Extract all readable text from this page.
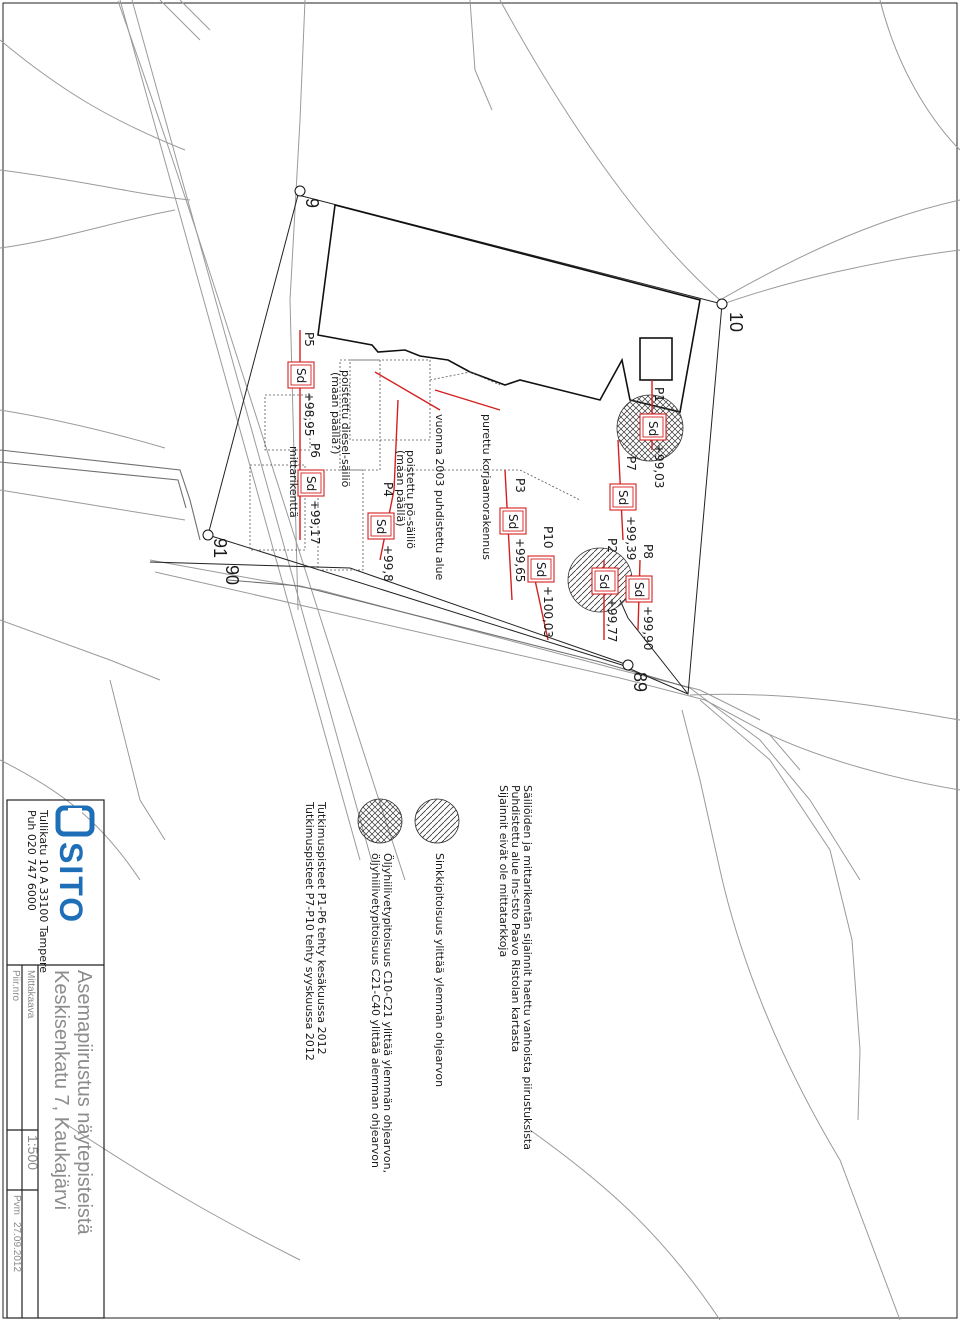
9
10
89
90
91
P1
Sd
+99,03
P2
Sd
+99,77
P3
Sd
+99,65
P4
Sd
+99,8
P5
Sd
+98,95
P6
Sd
+99,17
P7
Sd
+99,39 P8
Sd
+99,90
P10
Sd
+100,03
poistettu diesel-säiliö
(maan päällä?)
poistettu pö-säiliö
(maan päällä)
mittarikenttä	vuonna 2003 puhdistettu alue	purettu korjaamorakennus
Säiliöiden ja mittarikentän sijainnit haettu vanhoista piirustuksista
Puhdistettu alue Ins-tsto Paavo Ristolan kartasta
Sijainnit eivät ole mittatarkkoja
Sinkkipitoisuus ylittää ylemmän ohjearvon
Öljyhiilivetypitoisuus C10-C21 ylittää ylemmän ohjearvon,
öljyhiilivetypitoisuus C21-C40 ylittää alemman ohjearvon
Tutkimuspisteet P1-P6 tehty kesäkuussa 2012
Tutkimuspisteet P7-P10 tehty syyskuussa 2012
SITO
Tullikatu 10 A 33100 Tampere
Puh 020 747 6000
Asemapiirustus näytepisteistä
Keskisenkatu 7, Kaukajärvi
Mittakaava
Piir.nro
Pvm
27.09.2012
1:500
